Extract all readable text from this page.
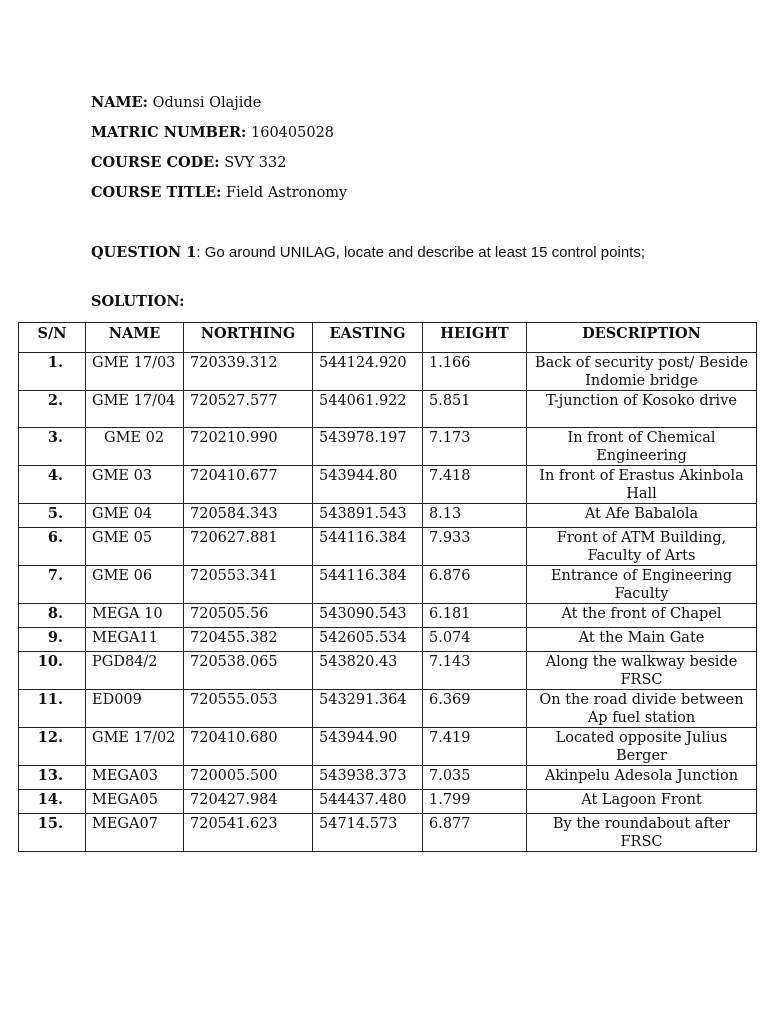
NAME: Odunsi Olajide
MATRIC NUMBER: 160405028
COURSE CODE: SVY 332
COURSE TITLE: Field Astronomy
QUESTION 1: Go around UNILAG, locate and describe at least 15 control points;
SOLUTION:
S/N	NAME	NORTHING	EASTING	HEIGHT	DESCRIPTION
1.	GME 17/03	720339.312	544124.920	1.166	Back of security post/ Beside Indomie bridge
2.	GME 17/04	720527.577	544061.922	5.851	T-junction of Kosoko drive
3.	GME 02	720210.990	543978.197	7.173	In front of Chemical Engineering
4.	GME 03	720410.677	543944.80	7.418	In front of Erastus Akinbola Hall
5.	GME 04	720584.343	543891.543	8.13	At Afe Babalola
6.	GME 05	720627.881	544116.384	7.933	Front of ATM Building, Faculty of Arts
7.	GME 06	720553.341	544116.384	6.876	Entrance of Engineering Faculty
8.	MEGA 10	720505.56	543090.543	6.181	At the front of Chapel
9.	MEGA11	720455.382	542605.534	5.074	At the Main Gate
10.	PGD84/2	720538.065	543820.43	7.143	Along the walkway beside FRSC
11.	ED009	720555.053	543291.364	6.369	On the road divide between Ap fuel station
12.	GME 17/02	720410.680	543944.90	7.419	Located opposite Julius Berger
13.	MEGA03	720005.500	543938.373	7.035	Akinpelu Adesola Junction
14.	MEGA05	720427.984	544437.480	1.799	At Lagoon Front
15.	MEGA07	720541.623	54714.573	6.877	By the roundabout after FRSC
